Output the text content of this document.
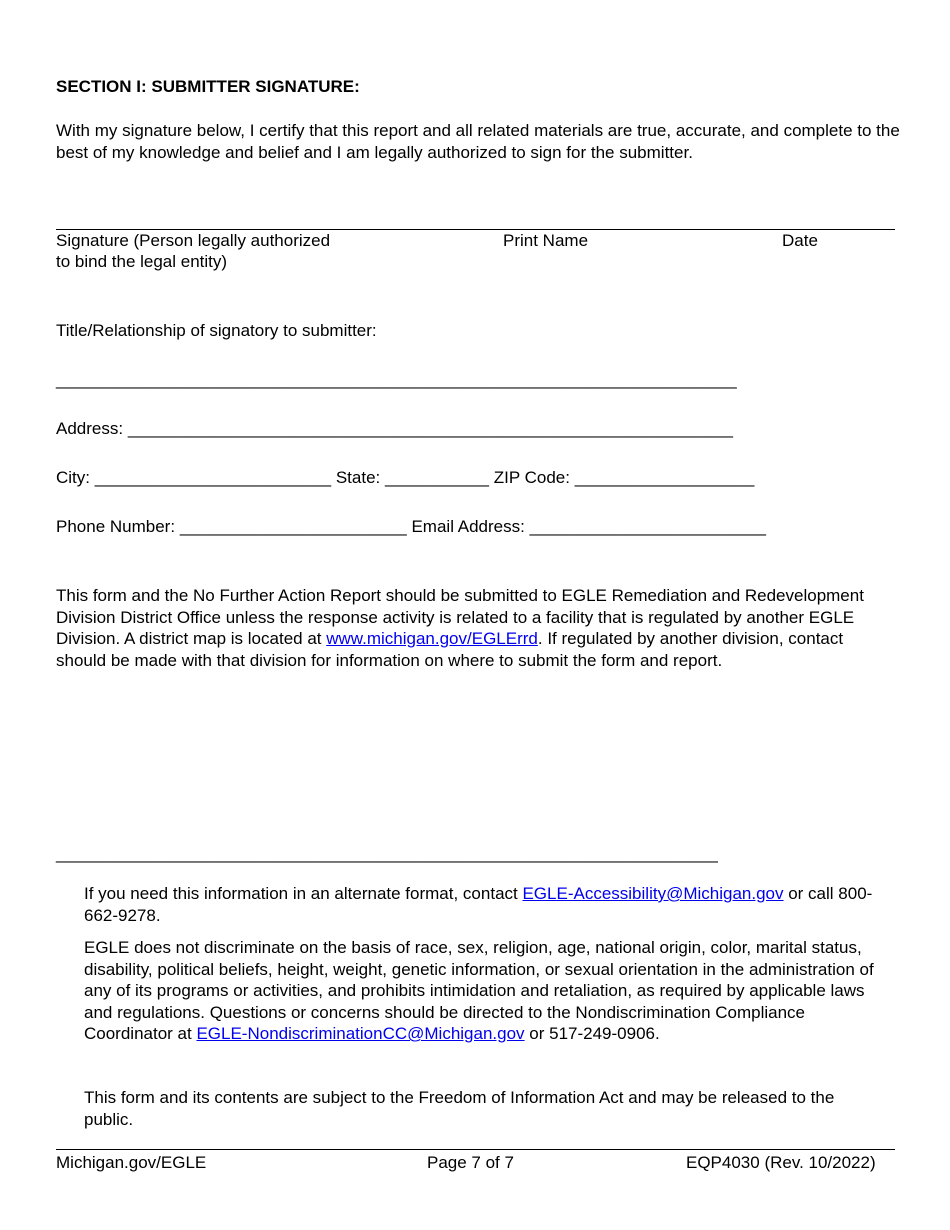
SECTION I: SUBMITTER SIGNATURE:
With my signature below, I certify that this report and all related materials are true, accurate, and complete to the best of my knowledge and belief and I am legally authorized to sign for the submitter.
Signature (Person legally authorized
to bind the legal entity)
Print Name	Date
Title/Relationship of signatory to submitter:
________________________________________________________________________
Address: ________________________________________________________________
City: _________________________ State: ___________ ZIP Code: ___________________
Phone Number: ________________________ Email Address: _________________________
This form and the No Further Action Report should be submitted to EGLE Remediation and Redevelopment Division District Office unless the response activity is related to a facility that is regulated by another EGLE Division. A district map is located at www.michigan.gov/EGLErrd. If regulated by another division, contact should be made with that division for information on where to submit the form and report.
______________________________________________________________________
If you need this information in an alternate format, contact EGLE-Accessibility@Michigan.gov or call 800-662-9278.
EGLE does not discriminate on the basis of race, sex, religion, age, national origin, color, marital status, disability, political beliefs, height, weight, genetic information, or sexual orientation in the administration of any of its programs or activities, and prohibits intimidation and retaliation, as required by applicable laws and regulations. Questions or concerns should be directed to the Nondiscrimination Compliance Coordinator at EGLE-NondiscriminationCC@Michigan.gov or 517-249-0906.
This form and its contents are subject to the Freedom of Information Act and may be released to the public.
Michigan.gov/EGLE	Page 7 of 7	EQP4030 (Rev. 10/2022)
